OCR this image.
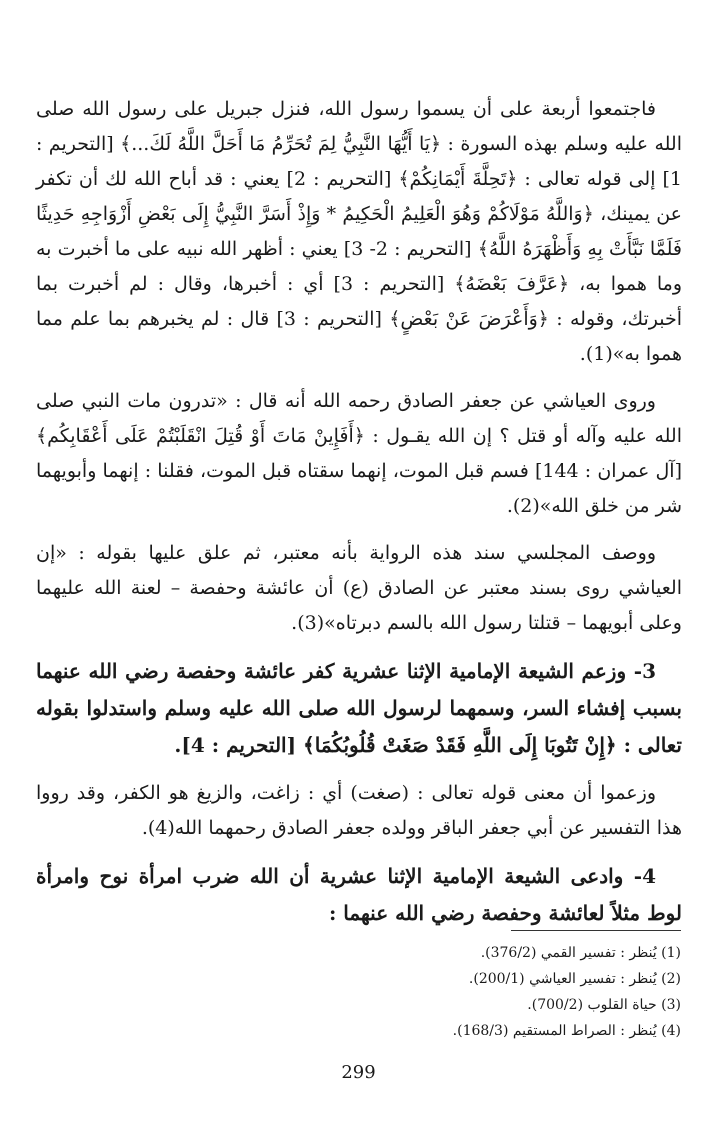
فاجتمعوا أربعة على أن يسموا رسول الله، فنزل جبريل على رسول الله صلى الله عليه وسلم بهذه السورة : ﴿يَا أَيُّهَا النَّبِيُّ لِمَ تُحَرِّمُ مَا أَحَلَّ اللَّهُ لَكَ...﴾ [التحريم : 1] إلى قوله تعالى : ﴿تَحِلَّةَ أَيْمَانِكُمْ﴾ [التحريم : 2] يعني : قد أباح الله لك أن تكفر عن يمينك، ﴿وَاللَّهُ مَوْلَاكُمْ وَهُوَ الْعَلِيمُ الْحَكِيمُ * وَإِذْ أَسَرَّ النَّبِيُّ إِلَى بَعْضِ أَزْوَاجِهِ حَدِيثًا فَلَمَّا نَبَّأَتْ بِهِ وَأَظْهَرَهُ اللَّهُ﴾ [التحريم : 2- 3] يعني : أظهر الله نبيه على ما أخبرت به وما هموا به، ﴿عَرَّفَ بَعْضَهُ﴾ [التحريم : 3] أي : أخبرها، وقال : لم أخبرت بما أخبرتك، وقوله : ﴿وَأَعْرَضَ عَنْ بَعْضٍ﴾ [التحريم : 3] قال : لم يخبرهم بما علم مما هموا به»(1).

وروى العياشي عن جعفر الصادق رحمه الله أنه قال : «تدرون مات النبي صلى الله عليه وآله أو قتل ؟ إن الله يقـول : ﴿أَفَإِينْ مَاتَ أَوْ قُتِلَ انْقَلَبْتُمْ عَلَى أَعْقَابِكُم﴾ [آل عمران : 144] فسم قبل الموت، إنهما سقتاه قبل الموت، فقلنا : إنهما وأبويهما شر من خلق الله»(2).

ووصف المجلسي سند هذه الرواية بأنه معتبر، ثم علق عليها بقوله : «إن العياشي روى بسند معتبر عن الصادق (ع) أن عائشة وحفصة – لعنة الله عليهما وعلى أبويهما – قتلتا رسول الله بالسم دبرتاه»(3).

3- وزعم الشيعة الإمامية الإثنا عشرية كفر عائشة وحفصة رضي الله عنهما بسبب إفشاء السر، وسمهما لرسول الله صلى الله عليه وسلم واستدلوا بقوله تعالى : ﴿إِنْ تَتُوبَا إِلَى اللَّهِ فَقَدْ صَغَتْ قُلُوبُكُمَا﴾ [التحريم : 4].

وزعموا أن معنى قوله تعالى : (صغت) أي : زاغت، والزيغ هو الكفر، وقد رووا هذا التفسير عن أبي جعفر الباقر وولده جعفر الصادق رحمهما الله(4).

4- وادعى الشيعة الإمامية الإثنا عشرية أن الله ضرب امرأة نوح وامرأة لوط مثلاً لعائشة وحفصة رضي الله عنهما :

(1) يُنظر : تفسير القمي (376/2).

(2) يُنظر : تفسير العياشي (200/1).

(3) حياة القلوب (700/2).

(4) يُنظر : الصراط المستقيم (168/3).

299
